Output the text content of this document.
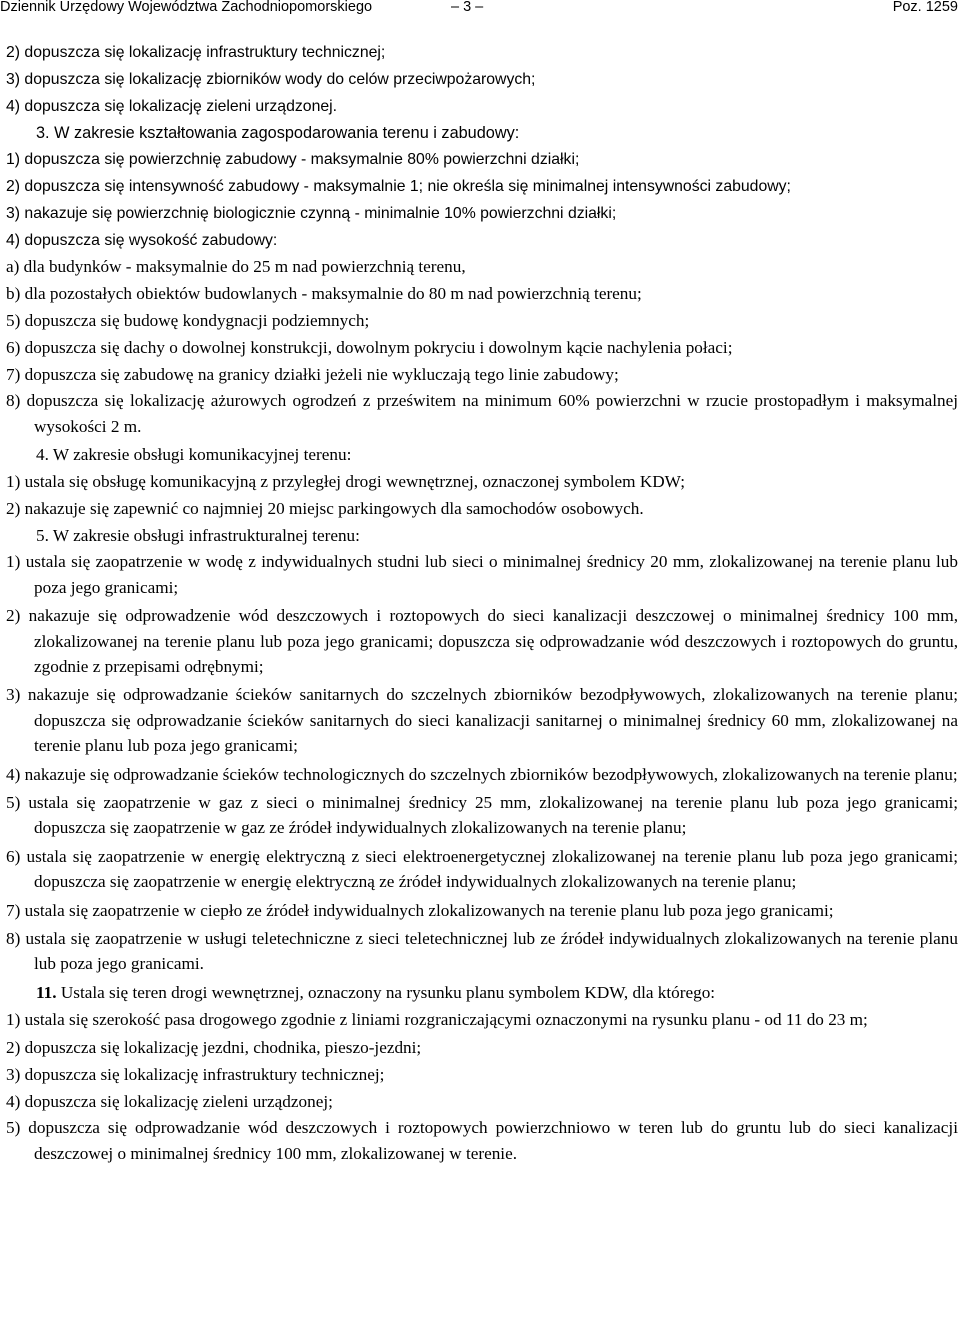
Dziennik Urzędowy Województwa Zachodniopomorskiego	– 3 –	Poz. 1259
2) dopuszcza się lokalizację infrastruktury technicznej;
3) dopuszcza się lokalizację zbiorników wody do celów przeciwpożarowych;
4) dopuszcza się lokalizację zieleni urządzonej.
3. W zakresie kształtowania zagospodarowania terenu i zabudowy:
1) dopuszcza się powierzchnię zabudowy - maksymalnie 80% powierzchni działki;
2) dopuszcza się intensywność zabudowy - maksymalnie 1; nie określa się minimalnej intensywności zabudowy;
3) nakazuje się powierzchnię biologicznie czynną - minimalnie 10% powierzchni działki;
4) dopuszcza się wysokość zabudowy:
a) dla budynków - maksymalnie do 25 m nad powierzchnią terenu,
b) dla pozostałych obiektów budowlanych - maksymalnie do 80 m nad powierzchnią terenu;
5) dopuszcza się budowę kondygnacji podziemnych;
6) dopuszcza się dachy o dowolnej konstrukcji, dowolnym pokryciu i dowolnym kącie nachylenia połaci;
7) dopuszcza się zabudowę na granicy działki jeżeli nie wykluczają tego linie zabudowy;
8) dopuszcza się lokalizację ażurowych ogrodzeń z prześwitem na minimum 60% powierzchni w rzucie prostopadłym i maksymalnej wysokości 2 m.
4. W zakresie obsługi komunikacyjnej terenu:
1) ustala się obsługę komunikacyjną z przyległej drogi wewnętrznej, oznaczonej symbolem KDW;
2) nakazuje się zapewnić co najmniej 20 miejsc parkingowych dla samochodów osobowych.
5. W zakresie obsługi infrastrukturalnej terenu:
1) ustala się zaopatrzenie w wodę z indywidualnych studni lub sieci o minimalnej średnicy 20 mm, zlokalizowanej na terenie planu lub poza jego granicami;
2) nakazuje się odprowadzenie wód deszczowych i roztopowych do sieci kanalizacji deszczowej o minimalnej średnicy 100 mm, zlokalizowanej na terenie planu lub poza jego granicami; dopuszcza się odprowadzanie wód deszczowych i roztopowych do gruntu, zgodnie z przepisami odrębnymi;
3) nakazuje się odprowadzanie ścieków sanitarnych do szczelnych zbiorników bezodpływowych, zlokalizowanych na terenie planu; dopuszcza się odprowadzanie ścieków sanitarnych do sieci kanalizacji sanitarnej o minimalnej średnicy 60 mm, zlokalizowanej na terenie planu lub poza jego granicami;
4) nakazuje się odprowadzanie ścieków technologicznych do szczelnych zbiorników bezodpływowych, zlokalizowanych na terenie planu;
5) ustala się zaopatrzenie w gaz z sieci o minimalnej średnicy 25 mm, zlokalizowanej na terenie planu lub poza jego granicami; dopuszcza się zaopatrzenie w gaz ze źródeł indywidualnych zlokalizowanych na terenie planu;
6) ustala się zaopatrzenie w energię elektryczną z sieci elektroenergetycznej zlokalizowanej na terenie planu lub poza jego granicami; dopuszcza się zaopatrzenie w energię elektryczną ze źródeł indywidualnych zlokalizowanych na terenie planu;
7) ustala się zaopatrzenie w ciepło ze źródeł indywidualnych zlokalizowanych na terenie planu lub poza jego granicami;
8) ustala się zaopatrzenie w usługi teletechniczne z sieci teletechnicznej lub ze źródeł indywidualnych zlokalizowanych na terenie planu lub poza jego granicami.
11. Ustala się teren drogi wewnętrznej, oznaczony na rysunku planu symbolem KDW, dla którego:
1) ustala się szerokość pasa drogowego zgodnie z liniami rozgraniczającymi oznaczonymi na rysunku planu - od 11 do 23 m;
2) dopuszcza się lokalizację jezdni, chodnika, pieszo-jezdni;
3) dopuszcza się lokalizację infrastruktury technicznej;
4) dopuszcza się lokalizację zieleni urządzonej;
5) dopuszcza się odprowadzanie wód deszczowych i roztopowych powierzchniowo w teren lub do gruntu lub do sieci kanalizacji deszczowej o minimalnej średnicy 100 mm, zlokalizowanej w terenie.
